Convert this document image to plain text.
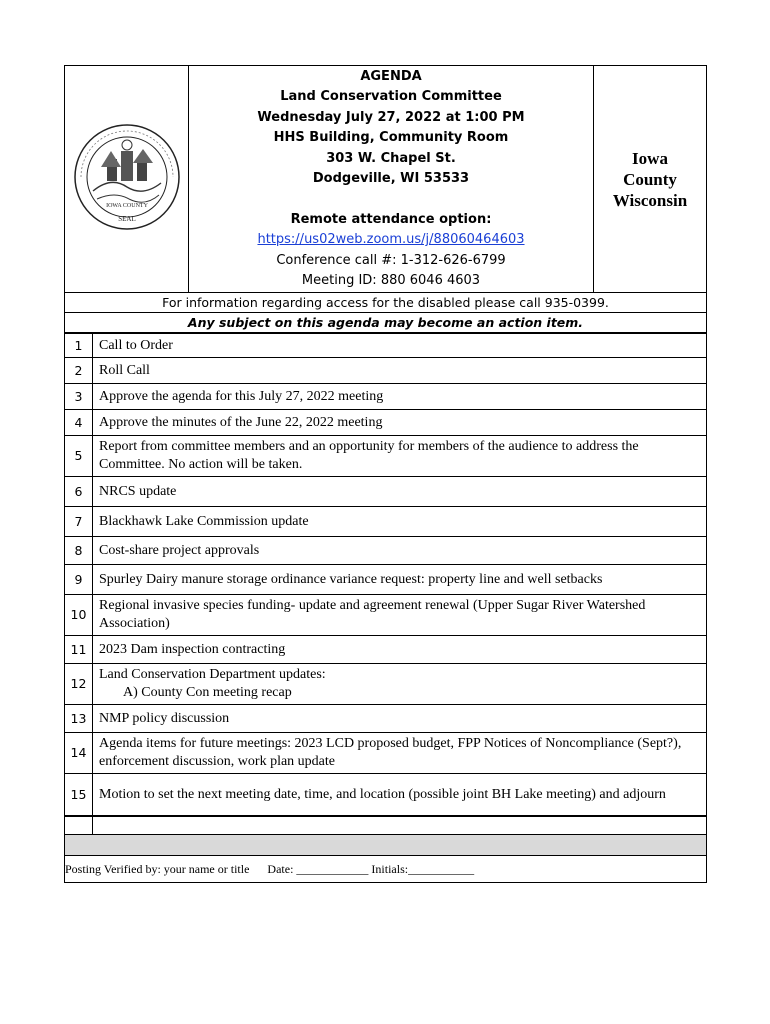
SEAL
IOWA COUNTY

AGENDA
Land Conservation Committee
Wednesday July 27, 2022 at 1:00 PM
HHS Building, Community Room
303 W. Chapel St.
Dodgeville, WI 53533
Remote attendance option:
https://us02web.zoom.us/j/88060464603
Conference call #: 1-312-626-6799
Meeting ID: 880 6046 4603

Iowa
County
Wisconsin

For information regarding access for the disabled please call 935-0399.
Any subject on this agenda may become an action item.
1	Call to Order
2	Roll Call
3	Approve the agenda for this July 27, 2022 meeting
4	Approve the minutes of the June 22, 2022 meeting
5	Report from committee members and an opportunity for members of the audience to address the Committee. No action will be taken.
6	NRCS update
7	Blackhawk Lake Commission update
8	Cost-share project approvals
9	Spurley Dairy manure storage ordinance variance request: property line and well setbacks
10	Regional invasive species funding- update and agreement renewal (Upper Sugar River Watershed Association)
11	2023 Dam inspection contracting
12	Land Conservation Department updates:
A) County Con meeting recap

13	NMP policy discussion
14	Agenda items for future meetings: 2023 LCD proposed budget, FPP Notices of Noncompliance (Sept?), enforcement discussion, work plan update
15	Motion to set the next meeting date, time, and location (possible joint BH Lake meeting) and adjourn

Posting Verified by: your name or title Date: ____________ Initials:___________
